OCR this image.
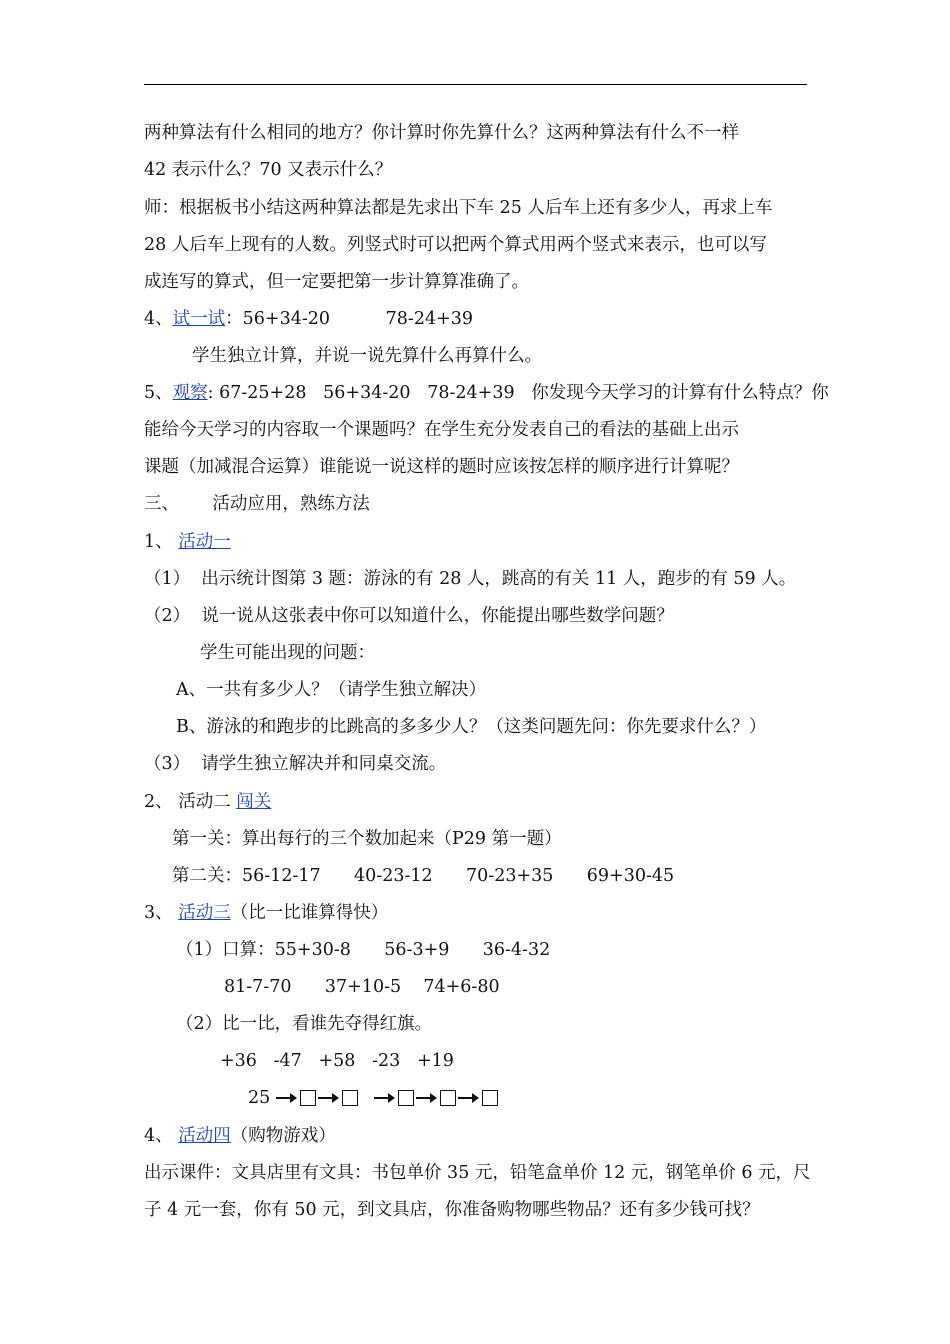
两种算法有什么相同的地方？你计算时你先算什么？这两种算法有什么不一样
42 表示什么？70 又表示什么？
师：根据板书小结这两种算法都是先求出下车 25 人后车上还有多少人，再求上车
28 人后车上现有的人数。列竖式时可以把两个算式用两个竖式来表示，也可以写
成连写的算式，但一定要把第一步计算算准确了。
4、试一试：56+34-20          78-24+39
学生独立计算，并说一说先算什么再算什么。
5、观察: 67-25+28   56+34-20   78-24+39   你发现今天学习的计算有什么特点？你
能给今天学习的内容取一个课题吗？在学生充分发表自己的看法的基础上出示
课题（加减混合运算）谁能说一说这样的题时应该按怎样的顺序进行计算呢？
三、      活动应用，熟练方法
1、 活动一
（1）  出示统计图第 3 题：游泳的有 28 人，跳高的有关 11 人，跑步的有 59 人。
（2）  说一说从这张表中你可以知道什么，你能提出哪些数学问题？
学生可能出现的问题：
A、一共有多少人？（请学生独立解决）
B、游泳的和跑步的比跳高的多多少人？（这类问题先问：你先要求什么？）
（3）  请学生独立解决并和同桌交流。
2、 活动二 闯关
第一关：算出每行的三个数加起来（P29 第一题）
第二关：56-12-17      40-23-12      70-23+35      69+30-45
3、 活动三（比一比谁算得快）
（1）口算：55+30-8      56-3+9      36-4-32
81-7-70      37+10-5    74+6-80
（2）比一比，看谁先夺得红旗。
+36   -47   +58   -23   +19
25
4、 活动四（购物游戏）
出示课件：文具店里有文具：书包单价 35 元，铅笔盒单价 12 元，钢笔单价 6 元，尺
子 4 元一套，你有 50 元，到文具店，你准备购物哪些物品？还有多少钱可找？
